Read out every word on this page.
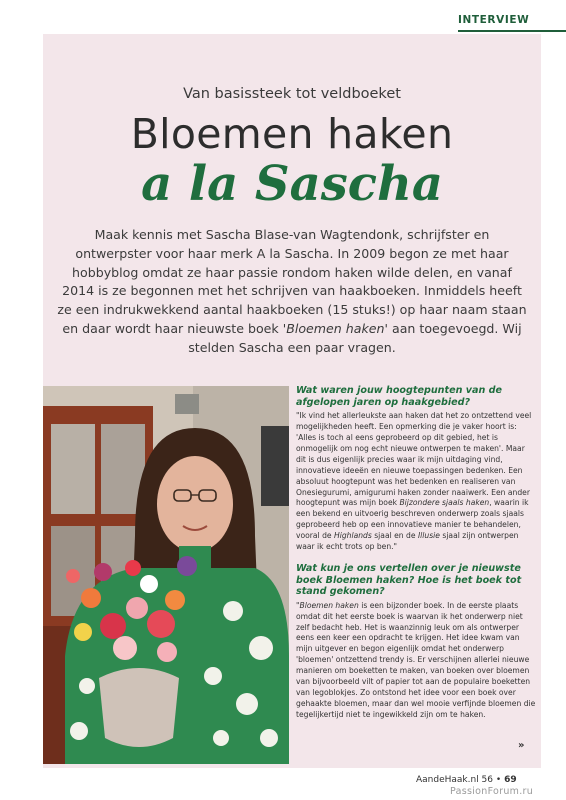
INTERVIEW
Van basissteek tot veldboeket
Bloemen haken
a la Sascha
Maak kennis met Sascha Blase-van Wagtendonk, schrijfster en ontwerpster voor haar merk A la Sascha. In 2009 begon ze met haar hobbyblog omdat ze haar passie rondom haken wilde delen, en vanaf 2014 is ze begonnen met het schrijven van haakboeken. Inmiddels heeft ze een indrukwekkend aantal haakboeken (15 stuks!) op haar naam staan en daar wordt haar nieuwste boek 'Bloemen haken' aan toegevoegd. Wij stelden Sascha een paar vragen.

Wat waren jouw hoogtepunten van de afgelopen jaren op haakgebied?

"Ik vind het allerleukste aan haken dat het zo ontzettend veel mogelijkheden heeft. Een opmerking die je vaker hoort is: 'Alles is toch al eens geprobeerd op dit gebied, het is onmogelijk om nog echt nieuwe ontwerpen te maken'. Maar dit is dus eigenlijk precies waar ik mijn uitdaging vind, innovatieve ideeën en nieuwe toepassingen bedenken. Een absoluut hoogtepunt was het bedenken en realiseren van Onesiegurumi, amigurumi haken zonder naaiwerk. Een ander hoogtepunt was mijn boek Bijzondere sjaals haken, waarin ik een bekend en uitvoerig beschreven onderwerp zoals sjaals geprobeerd heb op een innovatieve manier te behandelen, vooral de Highlands sjaal en de Illusie sjaal zijn ontwerpen waar ik echt trots op ben."

Wat kun je ons vertellen over je nieuwste boek Bloemen haken? Hoe is het boek tot stand gekomen?

"Bloemen haken is een bijzonder boek. In de eerste plaats omdat dit het eerste boek is waarvan ik het onderwerp niet zelf bedacht heb. Het is waanzinnig leuk om als ontwerper eens een keer een opdracht te krijgen. Het idee kwam van mijn uitgever en begon eigenlijk omdat het onderwerp 'bloemen' ontzettend trendy is. Er verschijnen allerlei nieuwe manieren om boeketten te maken, van boeken over bloemen van bijvoorbeeld vilt of papier tot aan de populaire boeketten van legoblokjes. Zo ontstond het idee voor een boek over gehaakte bloemen, maar dan wel mooie verfijnde bloemen die tegelijkertijd niet te ingewikkeld zijn om te haken.

»
AandeHaak.nl 56 • 69
PassionForum.ru
